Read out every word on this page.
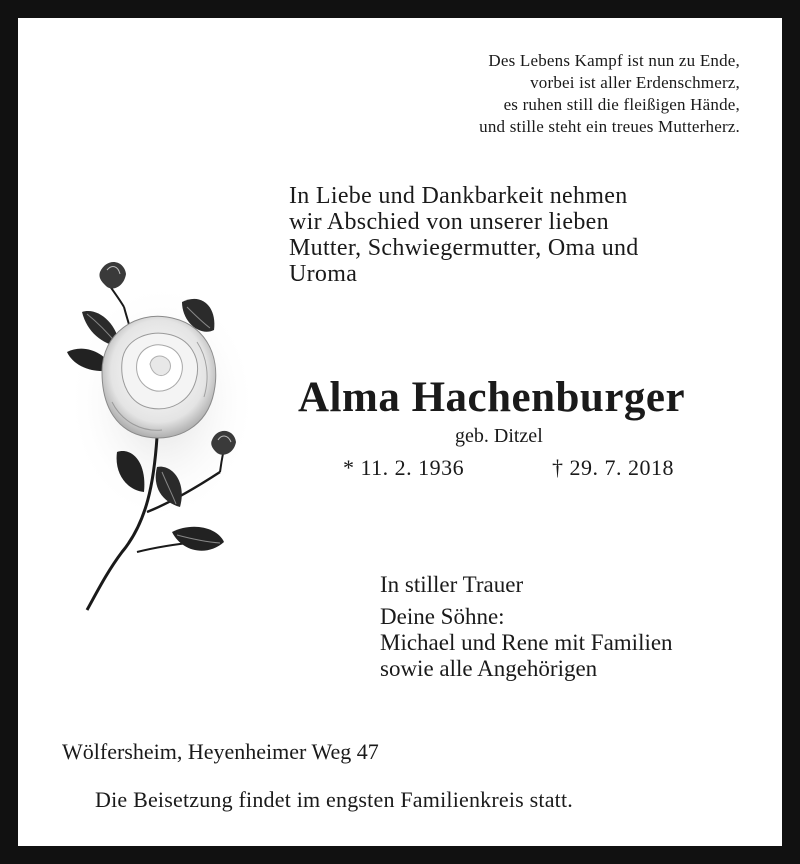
Des Lebens Kampf ist nun zu Ende,
vorbei ist aller Erdenschmerz,
es ruhen still die fleißigen Hände,
und stille steht ein treues Mutterherz.
In Liebe und Dankbarkeit nehmen
wir Abschied von unserer lieben
Mutter, Schwiegermutter, Oma und
Uroma
Alma Hachenburger
geb. Ditzel
* 11. 2. 1936	† 29. 7. 2018
In stiller Trauer
Deine Söhne:
Michael und Rene mit Familien
sowie alle Angehörigen
Wölfersheim, Heyenheimer Weg 47
Die Beisetzung findet im engsten Familienkreis statt.
